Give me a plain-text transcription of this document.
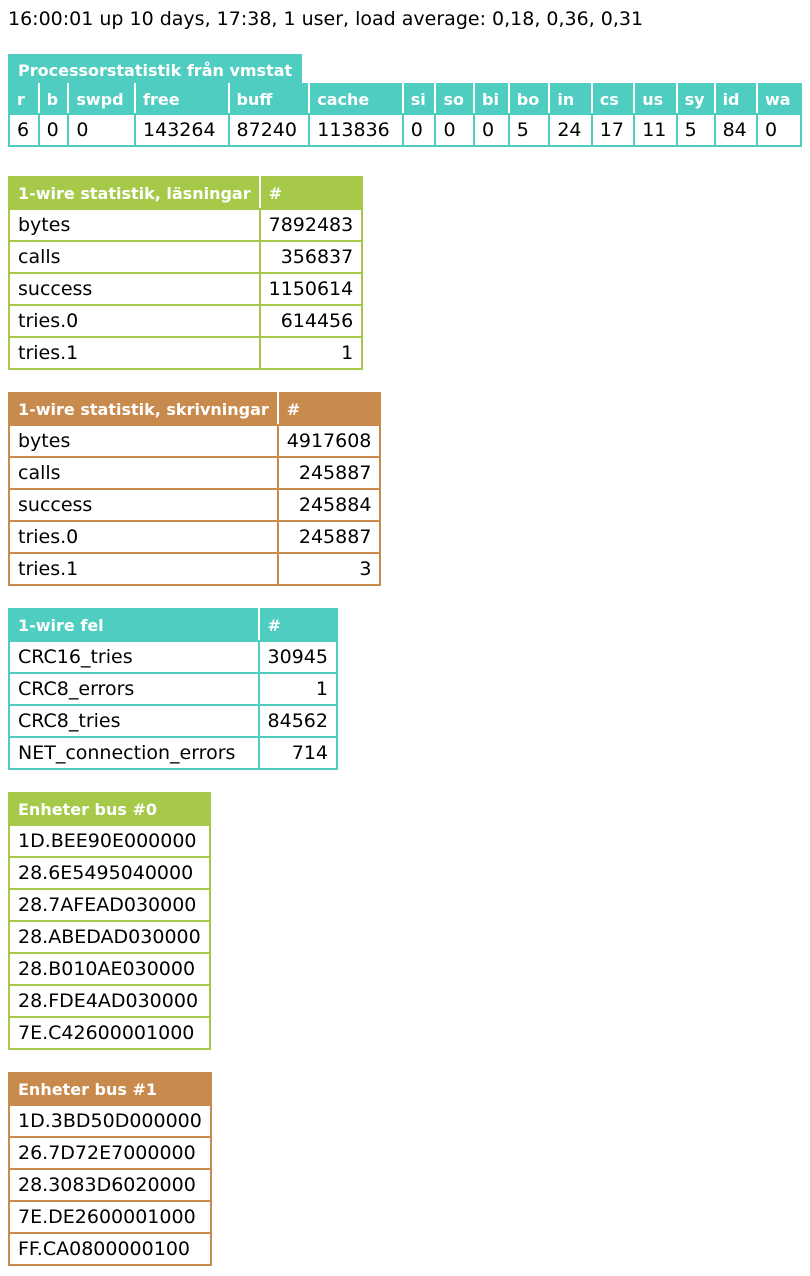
16:00:01 up 10 days, 17:38, 1 user, load average: 0,18, 0,36, 0,31
Processorstatistik från vmstat
r	b	swpd	free	buff	cache	si	so	bi	bo	in	cs	us	sy	id	wa
6	0	0	143264	87240	113836	0	0	0	5	24	17	11	5	84	0
1-wire statistik, läsningar	#
bytes	7892483
calls	356837
success	1150614
tries.0	614456
tries.1	1
1-wire statistik, skrivningar	#
bytes	4917608
calls	245887
success	245884
tries.0	245887
tries.1	3
1-wire fel	#
CRC16_tries	30945
CRC8_errors	1
CRC8_tries	84562
NET_connection_errors	714
Enheter bus #0
1D.BEE90E000000
28.6E5495040000
28.7AFEAD030000
28.ABEDAD030000
28.B010AE030000
28.FDE4AD030000
7E.C42600001000
Enheter bus #1
1D.3BD50D000000
26.7D72E7000000
28.3083D6020000
7E.DE2600001000
FF.CA0800000100
